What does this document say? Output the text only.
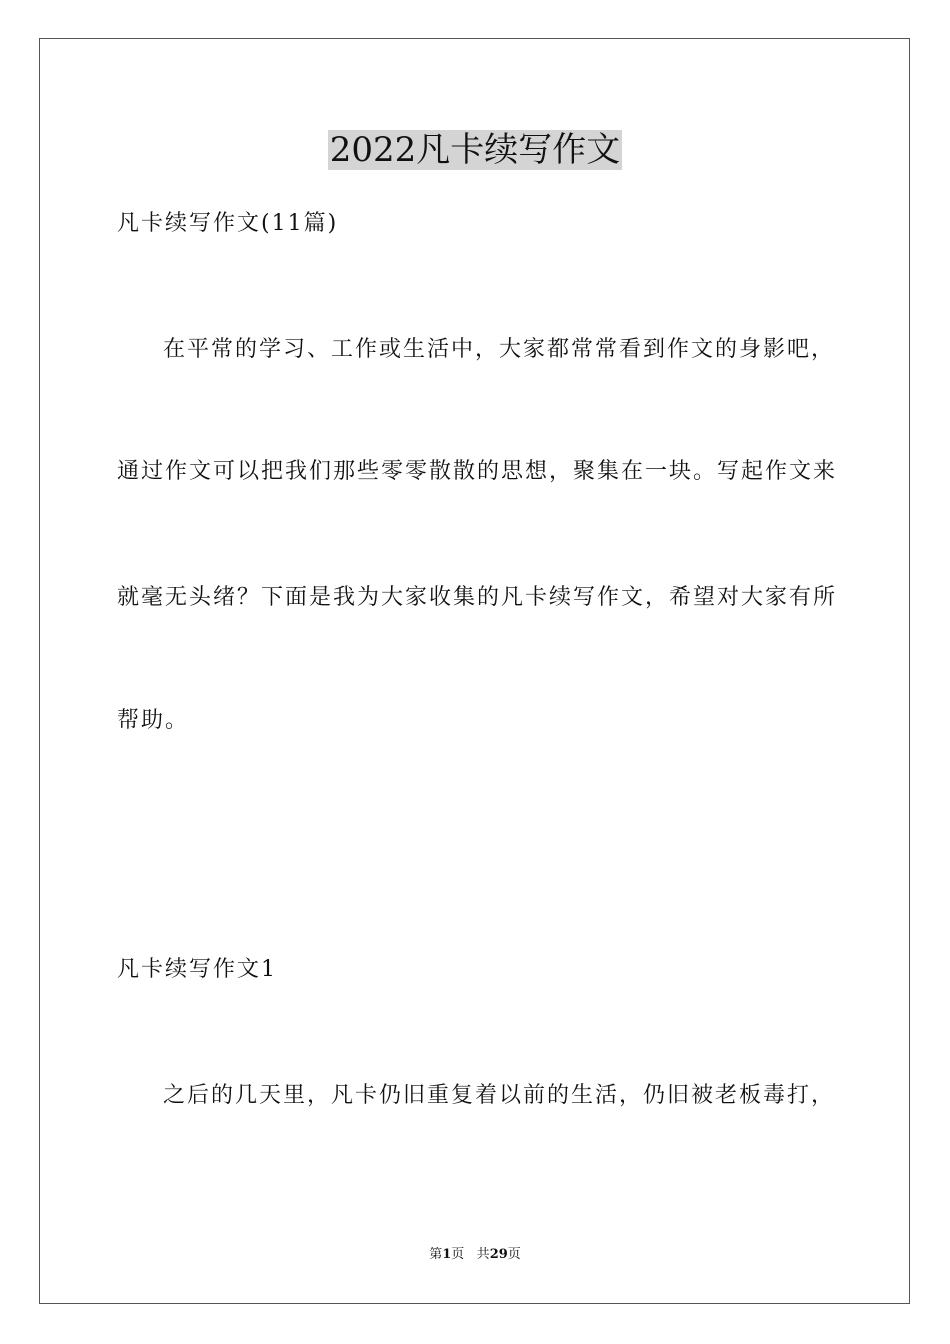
2022凡卡续写作文
凡卡续写作文(11篇)
在平常的学习、工作或生活中，大家都常常看到作文的身影吧，
通过作文可以把我们那些零零散散的思想，聚集在一块。写起作文来
就毫无头绪？下面是我为大家收集的凡卡续写作文，希望对大家有所
帮助。
凡卡续写作文1
之后的几天里，凡卡仍旧重复着以前的生活，仍旧被老板毒打，
第1页 共29页
